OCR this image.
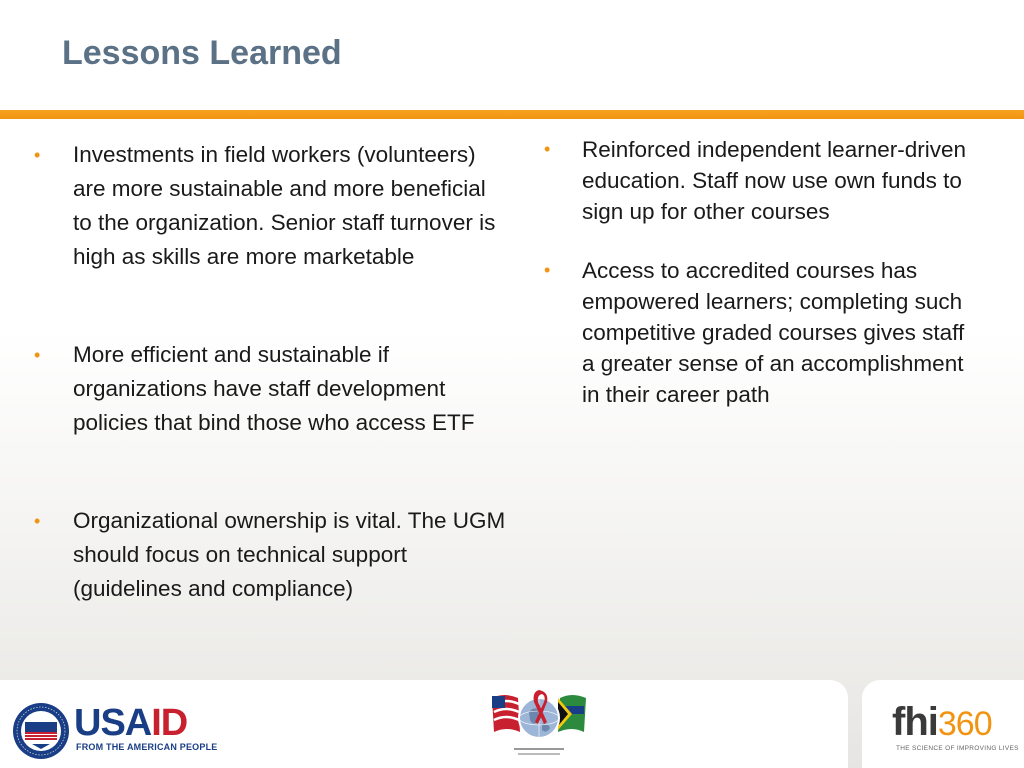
Lessons Learned
• Investments in field workers (volunteers) are more sustainable and more beneficial to the organization. Senior staff turnover is high as skills are more marketable
• More efficient and sustainable if organizations have staff development policies that bind those who access ETF
• Organizational ownership is vital. The UGM should focus on technical support (guidelines and compliance)
• Reinforced independent learner-driven education. Staff now use own funds to sign up for other courses
• Access to accredited courses has empowered learners; completing such competitive graded courses gives staff a greater sense of an accomplishment in their career path
USAID
FROM THE AMERICAN PEOPLE
fhi360
THE SCIENCE OF IMPROVING LIVES
